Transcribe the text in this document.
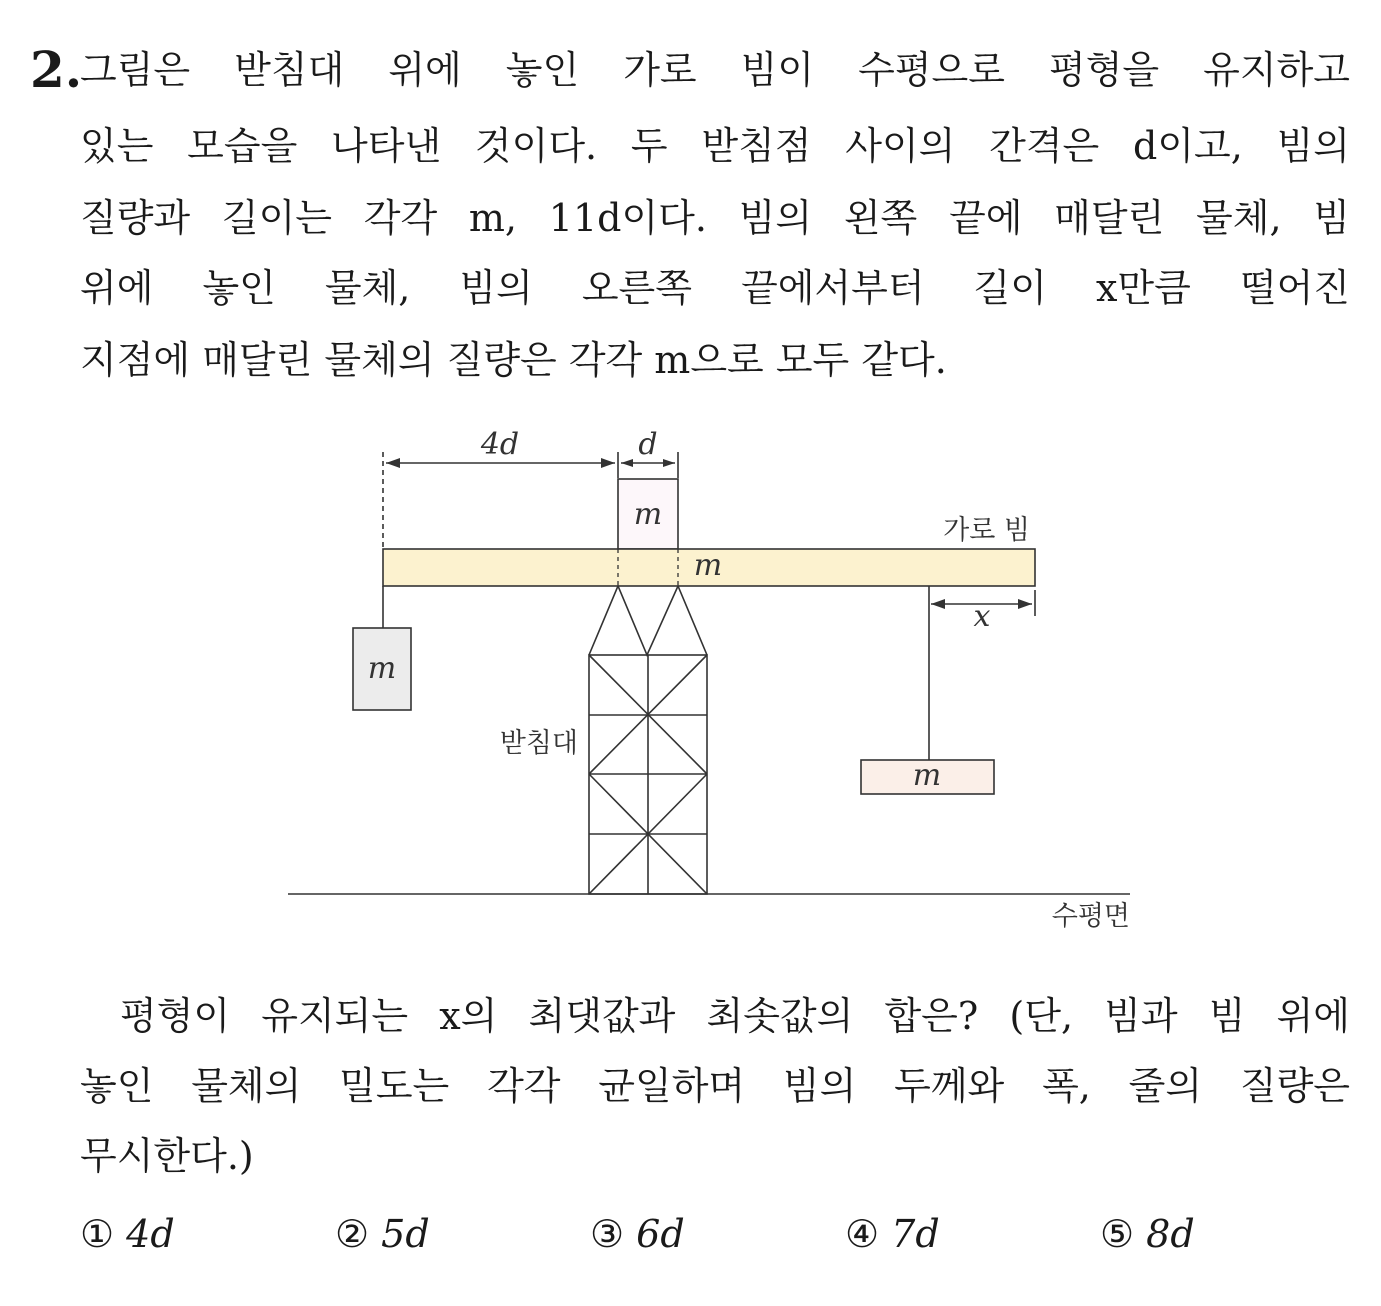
2.
그림은 받침대 위에 놓인 가로 빔이 수평으로 평형을 유지하고
있는 모습을 나타낸 것이다. 두 받침점 사이의 간격은 d이고, 빔의
질량과 길이는 각각 m, 11d이다. 빔의 왼쪽 끝에 매달린 물체, 빔
위에 놓인 물체, 빔의 오른쪽 끝에서부터 길이 x만큼 떨어진
지점에 매달린 물체의 질량은 각각 m으로 모두 같다.
4d	d
x
m
m
가로 빔
m
m
받침대
수평면
평형이 유지되는 x의 최댓값과 최솟값의 합은? (단, 빔과 빔 위에
놓인 물체의 밀도는 각각 균일하며 빔의 두께와 폭, 줄의 질량은
무시한다.)
① 4d	② 5d	③ 6d	④ 7d	⑤ 8d
